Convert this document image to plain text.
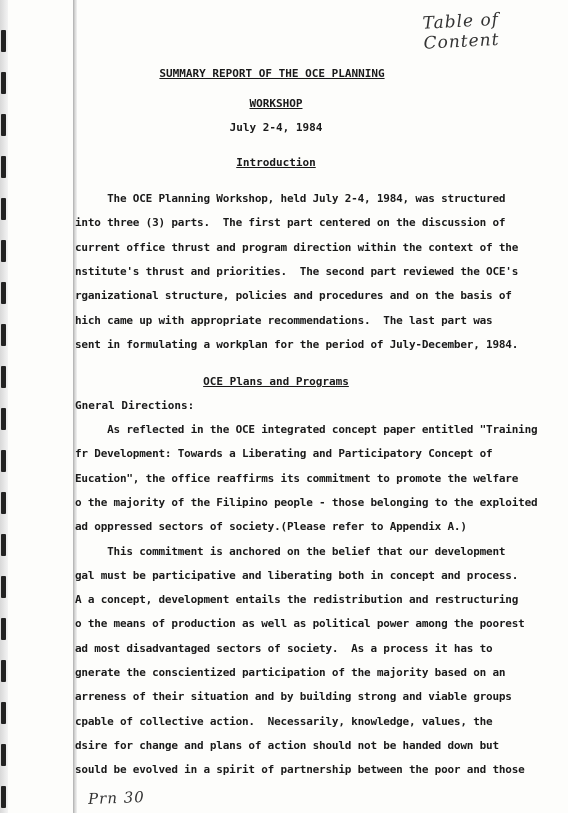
Table of Content
SUMMARY REPORT OF THE OCE PLANNING
WORKSHOP
July 2-4, 1984
Introduction
The OCE Planning Workshop, held July 2-4, 1984, was structured
into three (3) parts.  The first part centered on the discussion of
current office thrust and program direction within the context of the
nstitute's thrust and priorities.  The second part reviewed the OCE's
rganizational structure, policies and procedures and on the basis of
hich came up with appropriate recommendations.  The last part was
sent in formulating a workplan for the period of July-December, 1984.
OCE Plans and Programs
Gneral Directions:
As reflected in the OCE integrated concept paper entitled "Training
fr Development: Towards a Liberating and Participatory Concept of
Eucation", the office reaffirms its commitment to promote the welfare
o the majority of the Filipino people - those belonging to the exploited
ad oppressed sectors of society.(Please refer to Appendix A.)
This commitment is anchored on the belief that our development
gal must be participative and liberating both in concept and process.
A a concept, development entails the redistribution and restructuring
o the means of production as well as political power among the poorest
ad most disadvantaged sectors of society.  As a process it has to
gnerate the conscientized participation of the majority based on an
arreness of their situation and by building strong and viable groups
cpable of collective action.  Necessarily, knowledge, values, the
dsire for change and plans of action should not be handed down but
sould be evolved in a spirit of partnership between the poor and those
Prn 30
